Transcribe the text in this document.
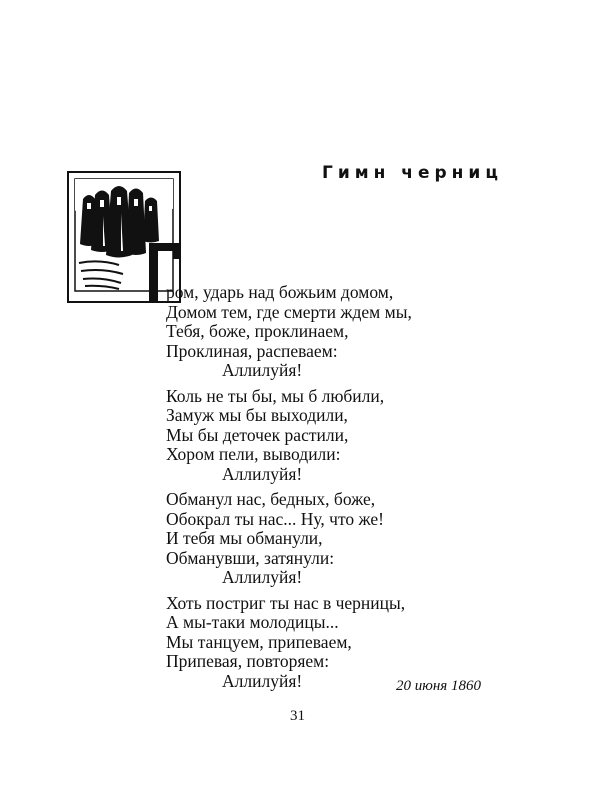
Гимн черниц
ром, ударь над божьим домом,
Домом тем, где смерти ждем мы,
Тебя, боже, проклинаем,
Проклиная, распеваем:
Аллилуйя!
Коль не ты бы, мы б любили,
Замуж мы бы выходили,
Мы бы деточек растили,
Хором пели, выводили:
Аллилуйя!
Обманул нас, бедных, боже,
Обокрал ты нас... Ну, что же!
И тебя мы обманули,
Обманувши, затянули:
Аллилуйя!
Хоть постриг ты нас в черницы,
А мы-таки молодицы...
Мы танцуем, припеваем,
Припевая, повторяем:
Аллилуйя!	20 июня 1860
31
